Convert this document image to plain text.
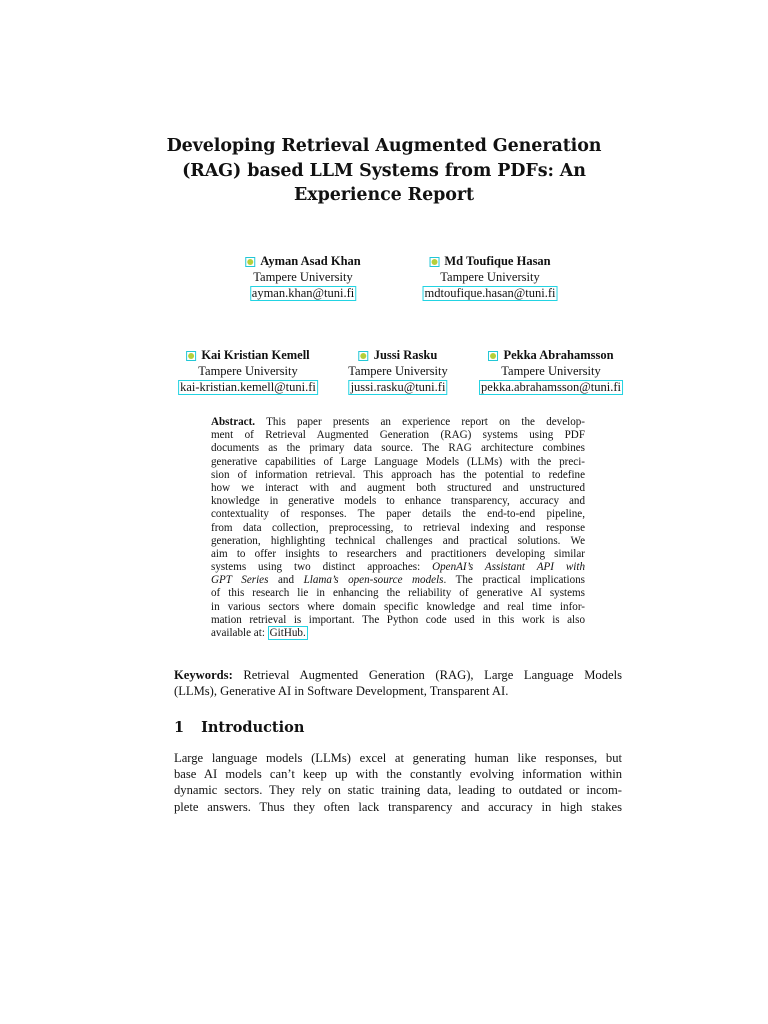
Developing Retrieval Augmented Generation
(RAG) based LLM Systems from PDFs: An
Experience Report
Ayman Asad Khan
Tampere University
ayman.khan@tuni.fi
Md Toufique Hasan
Tampere University
mdtoufique.hasan@tuni.fi
Kai Kristian Kemell
Tampere University
kai-kristian.kemell@tuni.fi
Jussi Rasku
Tampere University
jussi.rasku@tuni.fi
Pekka Abrahamsson
Tampere University
pekka.abrahamsson@tuni.fi
Abstract. This paper presents an experience report on the develop-
ment of Retrieval Augmented Generation (RAG) systems using PDF
documents as the primary data source. The RAG architecture combines
generative capabilities of Large Language Models (LLMs) with the preci-
sion of information retrieval. This approach has the potential to redefine
how we interact with and augment both structured and unstructured
knowledge in generative models to enhance transparency, accuracy and
contextuality of responses. The paper details the end-to-end pipeline,
from data collection, preprocessing, to retrieval indexing and response
generation, highlighting technical challenges and practical solutions. We
aim to offer insights to researchers and practitioners developing similar
systems using two distinct approaches: OpenAI’s Assistant API with
GPT Series and Llama’s open-source models. The practical implications
of this research lie in enhancing the reliability of generative AI systems
in various sectors where domain specific knowledge and real time infor-
mation retrieval is important. The Python code used in this work is also
available at: GitHub.
Keywords: Retrieval Augmented Generation (RAG), Large Language Models
(LLMs), Generative AI in Software Development, Transparent AI.
1 Introduction
Large language models (LLMs) excel at generating human like responses, but
base AI models can’t keep up with the constantly evolving information within
dynamic sectors. They rely on static training data, leading to outdated or incom-
plete answers. Thus they often lack transparency and accuracy in high stakes
